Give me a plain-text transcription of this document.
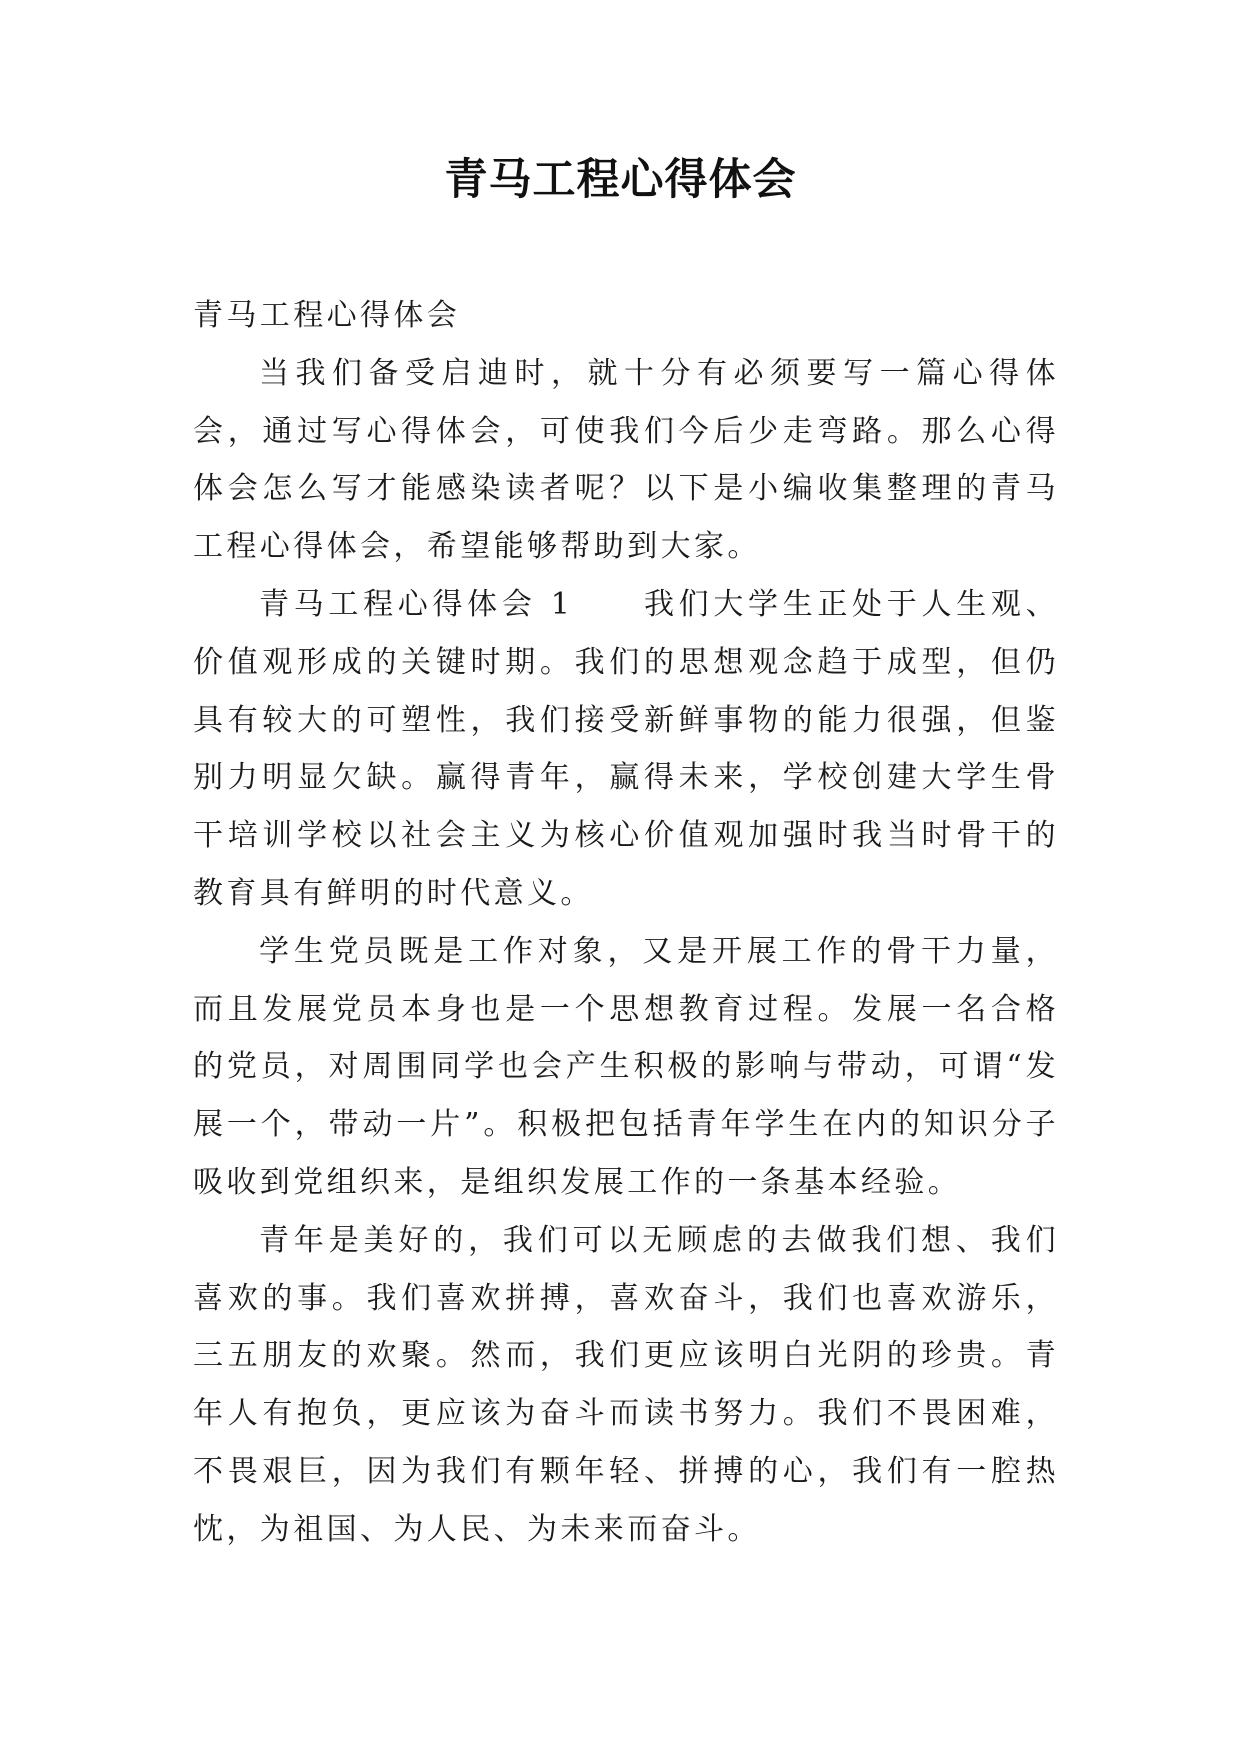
青马工程心得体会

青马工程心得体会

当我们备受启迪时，就十分有必须要写一篇心得体会，通过写心得体会，可使我们今后少走弯路。那么心得体会怎么写才能感染读者呢？以下是小编收集整理的青马工程心得体会，希望能够帮助到大家。

青马工程心得体会 1　　我们大学生正处于人生观、价值观形成的关键时期。我们的思想观念趋于成型，但仍具有较大的可塑性，我们接受新鲜事物的能力很强，但鉴别力明显欠缺。赢得青年，赢得未来，学校创建大学生骨干培训学校以社会主义为核心价值观加强时我当时骨干的教育具有鲜明的时代意义。

学生党员既是工作对象，又是开展工作的骨干力量，而且发展党员本身也是一个思想教育过程。发展一名合格的党员，对周围同学也会产生积极的影响与带动，可谓“发展一个，带动一片”。积极把包括青年学生在内的知识分子吸收到党组织来，是组织发展工作的一条基本经验。

青年是美好的，我们可以无顾虑的去做我们想、我们喜欢的事。我们喜欢拼搏，喜欢奋斗，我们也喜欢游乐，三五朋友的欢聚。然而，我们更应该明白光阴的珍贵。青年人有抱负，更应该为奋斗而读书努力。我们不畏困难，不畏艰巨，因为我们有颗年轻、拼搏的心，我们有一腔热忱，为祖国、为人民、为未来而奋斗。
